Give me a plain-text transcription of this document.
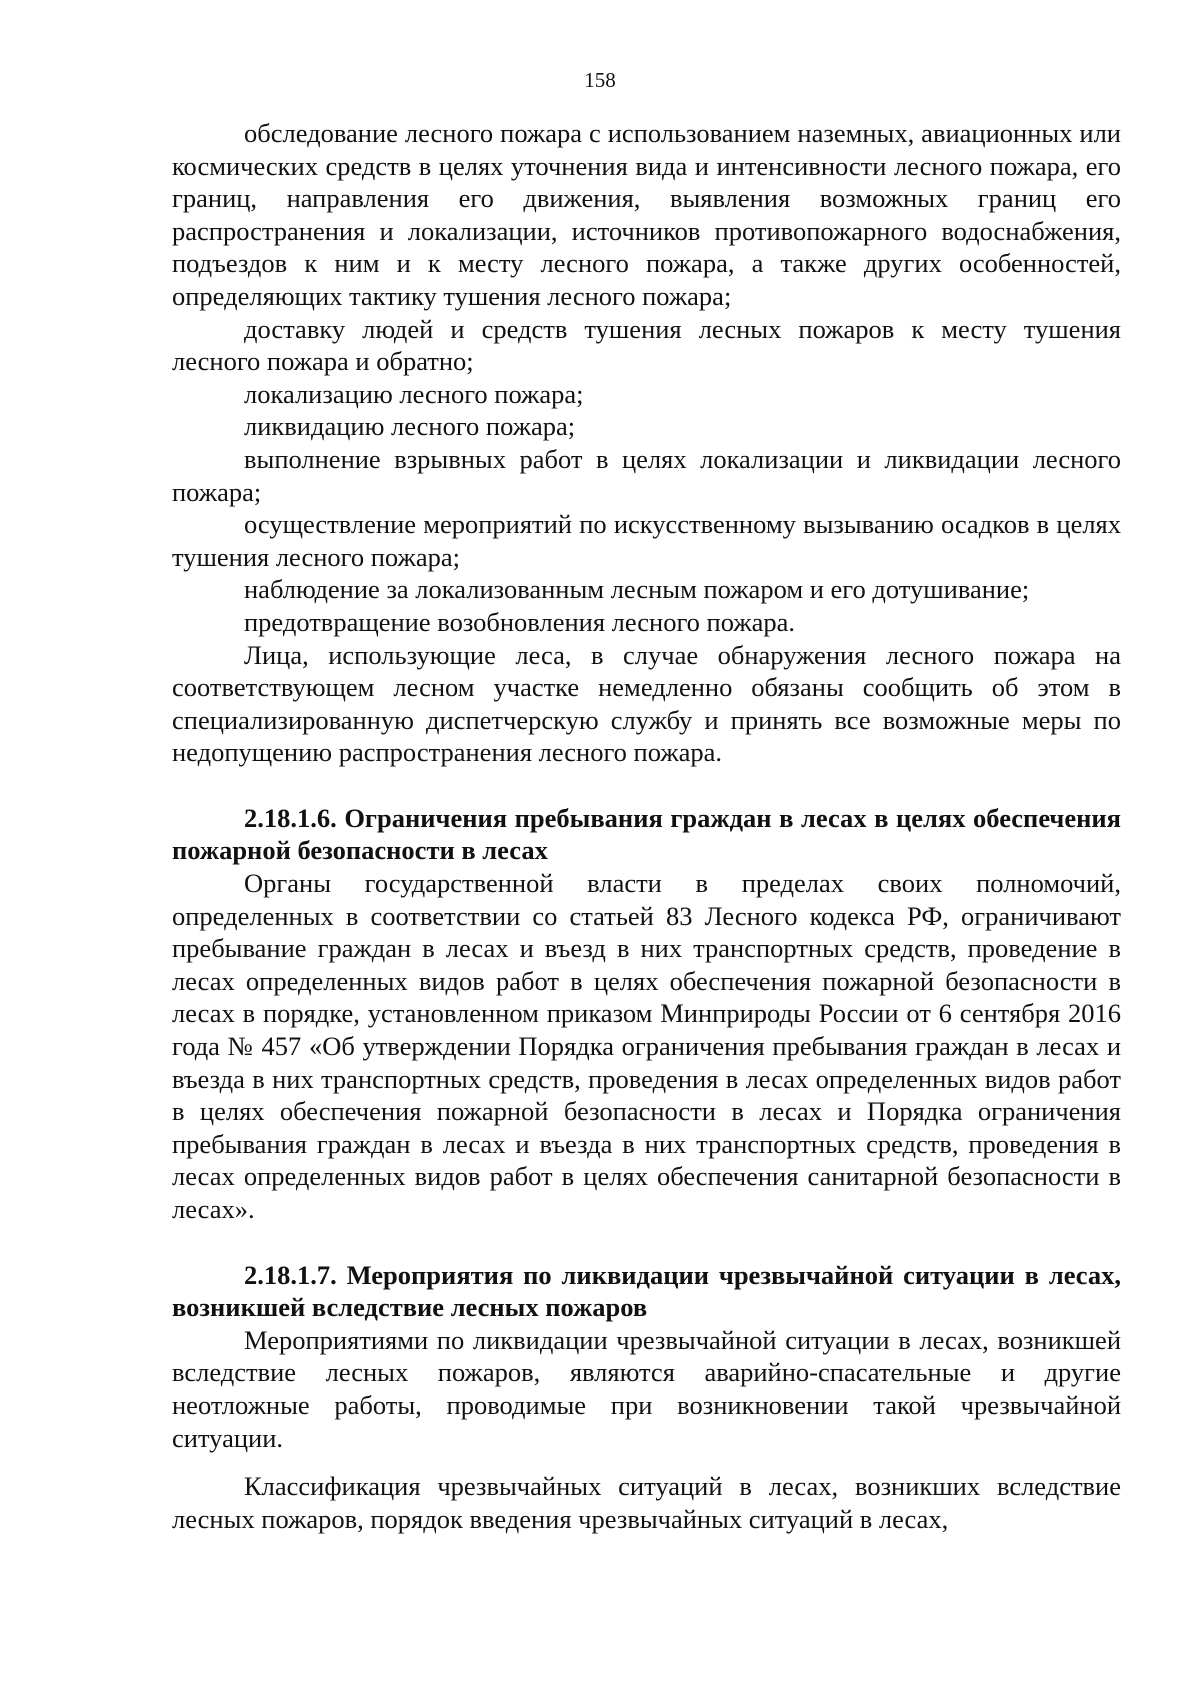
158

обследование лесного пожара с использованием наземных, авиационных или космических средств в целях уточнения вида и интенсивности лесного пожара, его границ, направления его движения, выявления возможных границ его распространения и локализации, источников противопожарного водоснабжения, подъездов к ним и к месту лесного пожара, а также других особенностей, определяющих тактику тушения лесного пожара;

доставку людей и средств тушения лесных пожаров к месту тушения лесного пожара и обратно;

локализацию лесного пожара;

ликвидацию лесного пожара;

выполнение взрывных работ в целях локализации и ликвидации лесного пожара;

осуществление мероприятий по искусственному вызыванию осадков в целях тушения лесного пожара;

наблюдение за локализованным лесным пожаром и его дотушивание;

предотвращение возобновления лесного пожара.

Лица, использующие леса, в случае обнаружения лесного пожара на соответствующем лесном участке немедленно обязаны сообщить об этом в специализированную диспетчерскую службу и принять все возможные меры по недопущению распространения лесного пожара.

2.18.1.6. Ограничения пребывания граждан в лесах в целях обеспечения пожарной безопасности в лесах

Органы государственной власти в пределах своих полномочий, определенных в соответствии со статьей 83 Лесного кодекса РФ, ограничивают пребывание граждан в лесах и въезд в них транспортных средств, проведение в лесах определенных видов работ в целях обеспечения пожарной безопасности в лесах в порядке, установленном приказом Минприроды России от 6 сентября 2016 года № 457 «Об утверждении Порядка ограничения пребывания граждан в лесах и въезда в них транспортных средств, проведения в лесах определенных видов работ в целях обеспечения пожарной безопасности в лесах и Порядка ограничения пребывания граждан в лесах и въезда в них транспортных средств, проведения в лесах определенных видов работ в целях обеспечения санитарной безопасности в лесах».

2.18.1.7. Мероприятия по ликвидации чрезвычайной ситуации в лесах, возникшей вследствие лесных пожаров

Мероприятиями по ликвидации чрезвычайной ситуации в лесах, возникшей вследствие лесных пожаров, являются аварийно-спасательные и другие неотложные работы, проводимые при возникновении такой чрезвычайной ситуации.

Классификация чрезвычайных ситуаций в лесах, возникших вследствие лесных пожаров, порядок введения чрезвычайных ситуаций в лесах,
